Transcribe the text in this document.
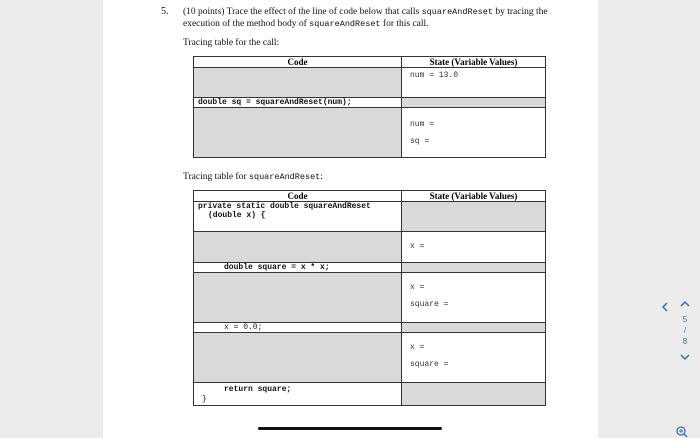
5. (10 points) Trace the effect of the line of code below that calls squareAndReset by tracing the execution of the method body of squareAndReset for this call.
Tracing table for the call:
Code	State (Variable Values)

	num = 13.0

double sq = squareAndReset(num);	

	num =
sq =
Tracing table for squareAndReset:
Code	State (Variable Values)

private static double squareAndReset
(double x) {	

	x =

double square = x * x;	

	x =
square =

x = 0.0;	

	x =
square =

return square;
}	

5
/
8
